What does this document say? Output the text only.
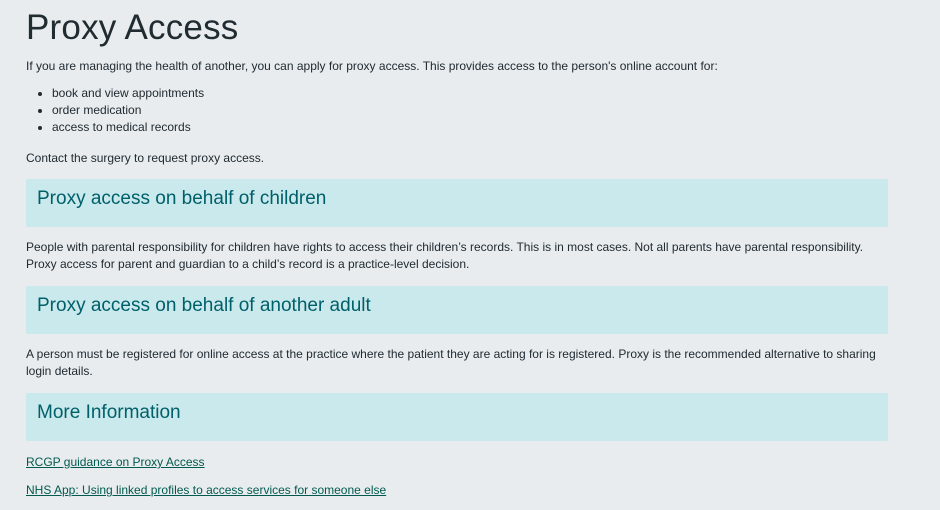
Proxy Access

If you are managing the health of another, you can apply for proxy access. This provides access to the person's online account for:

• book and view appointments
• order medication
• access to medical records

Contact the surgery to request proxy access.

Proxy access on behalf of children

People with parental responsibility for children have rights to access their children’s records. This is in most cases. Not all parents have parental responsibility. Proxy access for parent and guardian to a child’s record is a practice-level decision.

Proxy access on behalf of another adult

A person must be registered for online access at the practice where the patient they are acting for is registered. Proxy is the recommended alternative to sharing login details.

More Information
RCGP guidance on Proxy Access
NHS App: Using linked profiles to access services for someone else
